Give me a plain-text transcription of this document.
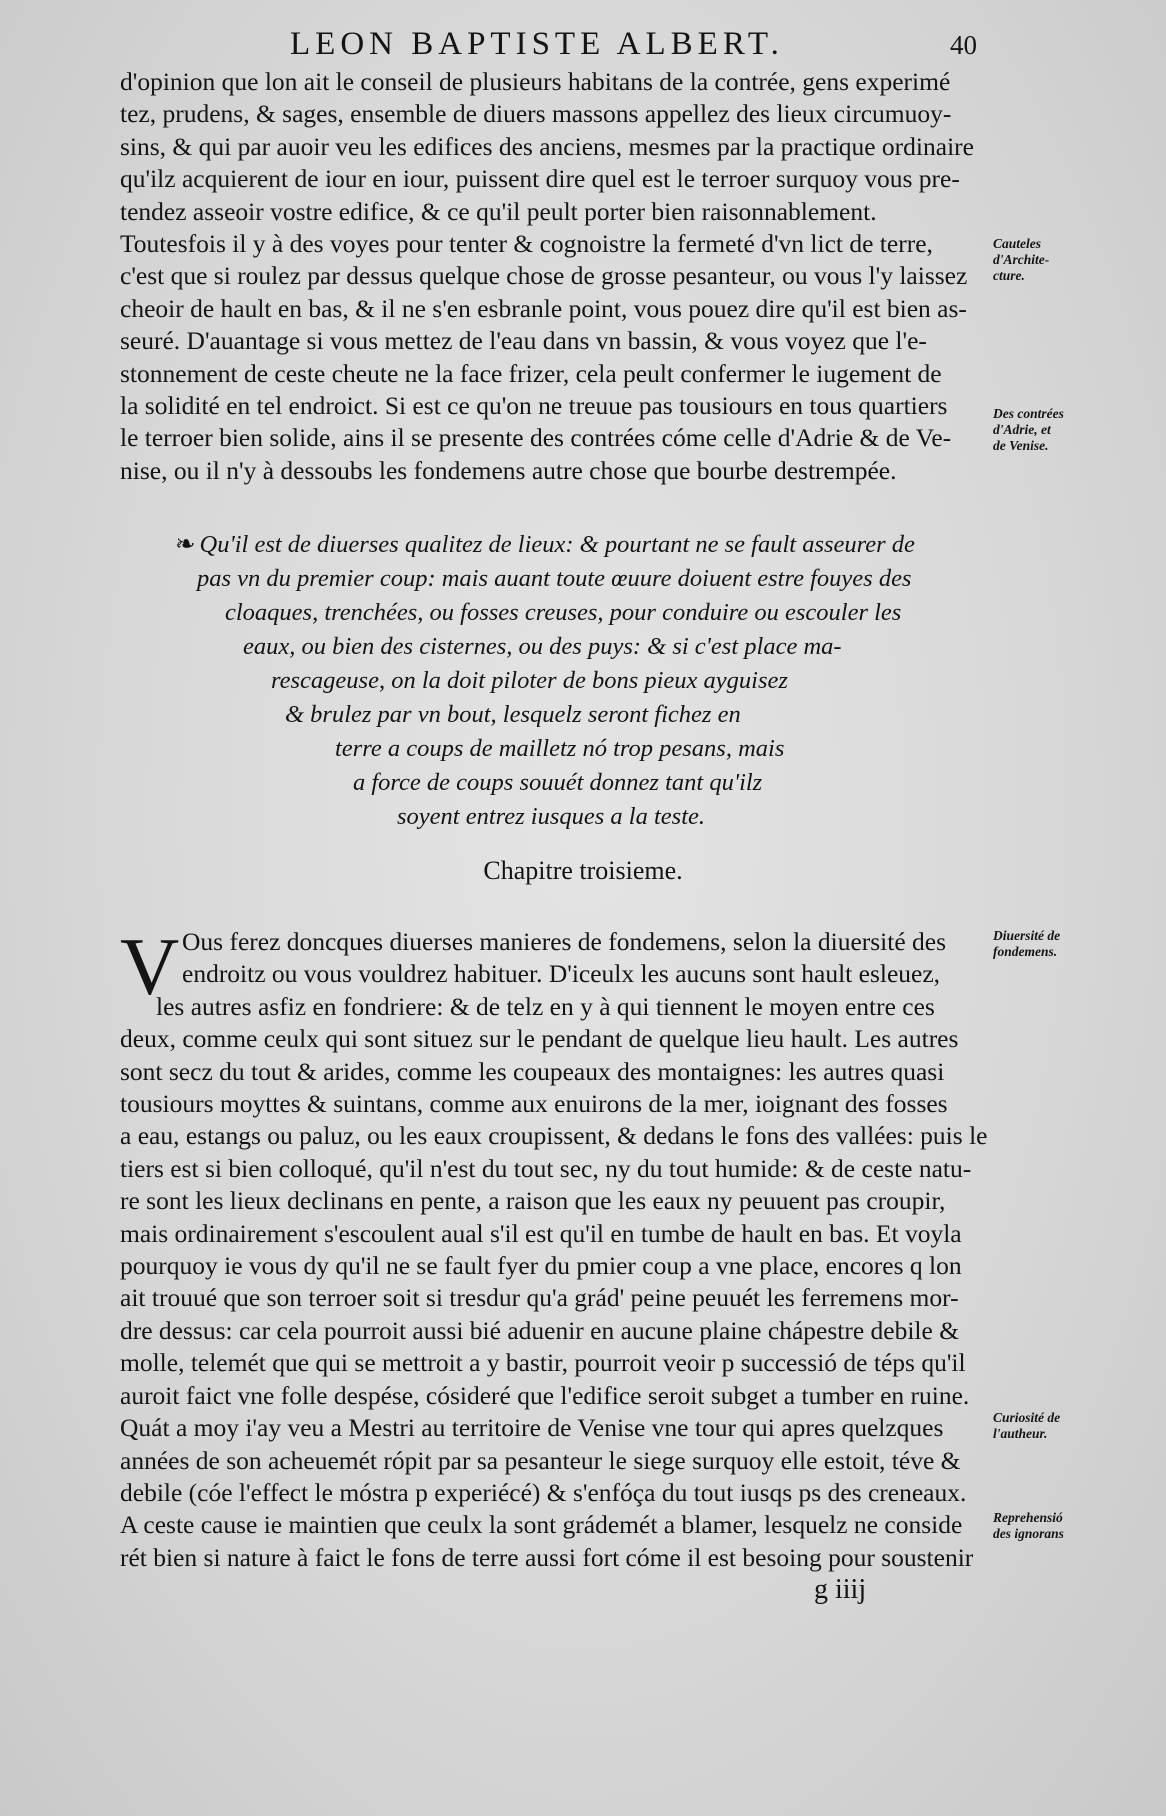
LEON BAPTISTE ALBERT.	40
d'opinion que lon ait le conseil de plusieurs habitans de la contrée, gens experimé
tez, prudens, & sages, ensemble de diuers massons appellez des lieux circumuoy-
sins, & qui par auoir veu les edifices des anciens, mesmes par la practique ordinaire
qu'ilz acquierent de iour en iour, puissent dire quel est le terroer surquoy vous pre-
tendez asseoir vostre edifice, & ce qu'il peult porter bien raisonnablement.
Toutesfois il y à des voyes pour tenter & cognoistre la fermeté d'vn lict de terre,
c'est que si roulez par dessus quelque chose de grosse pesanteur, ou vous l'y laissez
cheoir de hault en bas, & il ne s'en esbranle point, vous pouez dire qu'il est bien as-
seuré. D'auantage si vous mettez de l'eau dans vn bassin, & vous voyez que l'e-
stonnement de ceste cheute ne la face frizer, cela peult confermer le iugement de
la solidité en tel endroict. Si est ce qu'on ne treuue pas tousiours en tous quartiers
le terroer bien solide, ains il se presente des contrées cóme celle d'Adrie & de Ve-
nise, ou il n'y à dessoubs les fondemens autre chose que bourbe destrempée.
❧ Qu'il est de diuerses qualitez de lieux: & pourtant ne se fault asseurer de
pas vn du premier coup: mais auant toute œuure doiuent estre fouyes des
cloaques, trenchées, ou fosses creuses, pour conduire ou escouler les
eaux, ou bien des cisternes, ou des puys: & si c'est place ma-
rescageuse, on la doit piloter de bons pieux ayguisez
& brulez par vn bout, lesquelz seront fichez en
terre a coups de mailletz nó trop pesans, mais
a force de coups souuét donnez tant qu'ilz
soyent entrez iusques a la teste.
Chapitre troisieme.
V Ous ferez doncques diuerses manieres de fondemens, selon la diuersité des
endroitz ou vous vouldrez habituer. D'iceulx les aucuns sont hault esleuez,
les autres asfiz en fondriere: & de telz en y à qui tiennent le moyen entre ces
deux, comme ceulx qui sont situez sur le pendant de quelque lieu hault. Les autres
sont secz du tout & arides, comme les coupeaux des montaignes: les autres quasi
tousiours moyttes & suintans, comme aux enuirons de la mer, ioignant des fosses
a eau, estangs ou paluz, ou les eaux croupissent, & dedans le fons des vallées: puis le
tiers est si bien colloqué, qu'il n'est du tout sec, ny du tout humide: & de ceste natu-
re sont les lieux declinans en pente, a raison que les eaux ny peuuent pas croupir,
mais ordinairement s'escoulent aual s'il est qu'il en tumbe de hault en bas. Et voyla
pourquoy ie vous dy qu'il ne se fault fyer du pmier coup a vne place, encores q lon
ait trouué que son terroer soit si tresdur qu'a grád' peine peuuét les ferremens mor-
dre dessus: car cela pourroit aussi bié aduenir en aucune plaine chápestre debile &
molle, telemét que qui se mettroit a y bastir, pourroit veoir p successió de téps qu'il
auroit faict vne folle despése, cósideré que l'edifice seroit subget a tumber en ruine.
Quát a moy i'ay veu a Mestri au territoire de Venise vne tour qui apres quelzques
années de son acheuemét rópit par sa pesanteur le siege surquoy elle estoit, téve &
debile (cóe l'effect le móstra p experiécé) & s'enfóça du tout iusqs ps des creneaux.
A ceste cause ie maintien que ceulx la sont grádemét a blamer, lesquelz ne conside
rét bien si nature à faict le fons de terre aussi fort cóme il est besoing pour soustenir
Cauteles
d'Archite-
cture.
Des contrées
d'Adrie, et
de Venise.
Diuersité de
fondemens.
Curiosité de
l'autheur.
Reprehensió
des ignorans
g iiij
